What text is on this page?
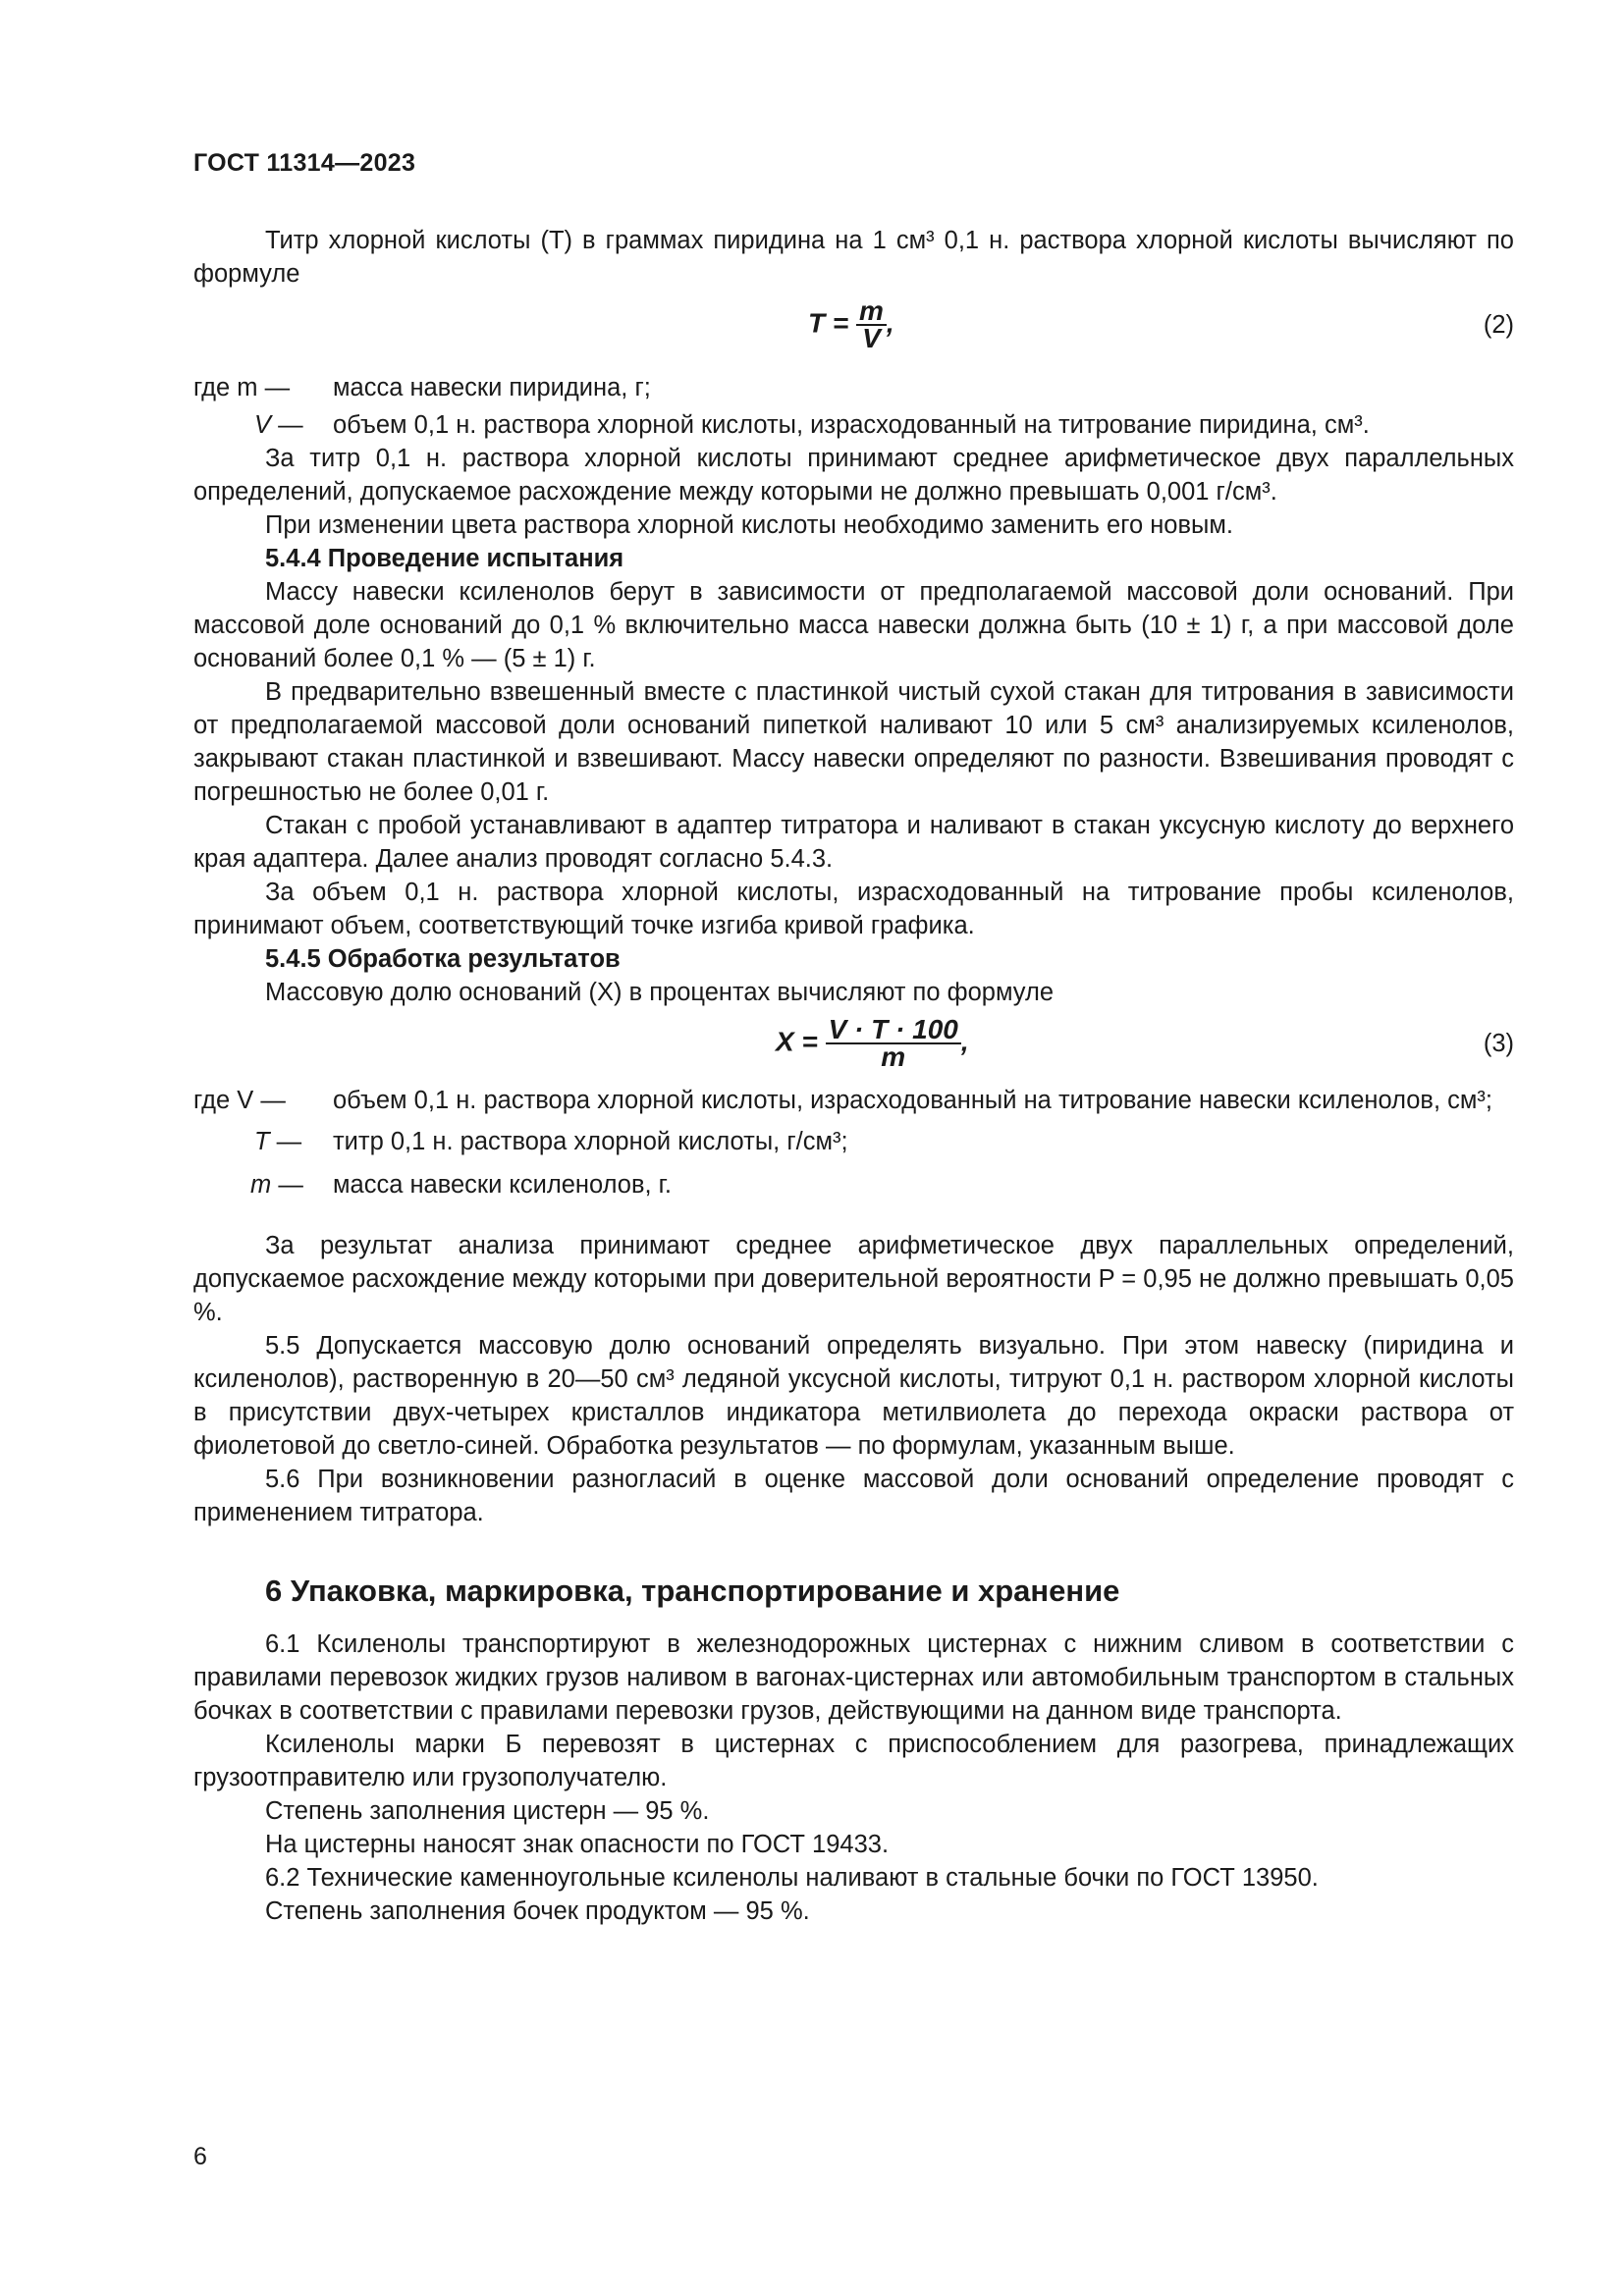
ГОСТ 11314—2023

Титр хлорной кислоты (T) в граммах пиридина на 1 см³ 0,1 н. раствора хлорной кислоты вычисляют по формуле

$T = \frac{m}{V}$ ,	(2)
где m —	масса навески пиридина, г;
V —	объем 0,1 н. раствора хлорной кислоты, израсходованный на титрование пиридина, см³.

За титр 0,1 н. раствора хлорной кислоты принимают среднее арифметическое двух параллельных определений, допускаемое расхождение между которыми не должно превышать 0,001 г/см³.

При изменении цвета раствора хлорной кислоты необходимо заменить его новым.

5.4.4 Проведение испытания

Массу навески ксиленолов берут в зависимости от предполагаемой массовой доли оснований. При массовой доле оснований до 0,1 % включительно масса навески должна быть (10 ± 1) г, а при массовой доле оснований более 0,1 % — (5 ± 1) г.

В предварительно взвешенный вместе с пластинкой чистый сухой стакан для титрования в зависимости от предполагаемой массовой доли оснований пипеткой наливают 10 или 5 см³ анализируемых ксиленолов, закрывают стакан пластинкой и взвешивают. Массу навески определяют по разности. Взвешивания проводят с погрешностью не более 0,01 г.

Стакан с пробой устанавливают в адаптер титратора и наливают в стакан уксусную кислоту до верхнего края адаптера. Далее анализ проводят согласно 5.4.3.

За объем 0,1 н. раствора хлорной кислоты, израсходованный на титрование пробы ксиленолов, принимают объем, соответствующий точке изгиба кривой графика.

5.4.5 Обработка результатов

Массовую долю оснований (X) в процентах вычисляют по формуле

$X = \frac{V \cdot T \cdot 100}{m}$ ,	(3)
где V —	объем 0,1 н. раствора хлорной кислоты, израсходованный на титрование навески ксиленолов, см³;
T —	титр 0,1 н. раствора хлорной кислоты, г/см³;
m —	масса навески ксиленолов, г.

За результат анализа принимают среднее арифметическое двух параллельных определений, допускаемое расхождение между которыми при доверительной вероятности P = 0,95 не должно превышать 0,05 %.

5.5 Допускается массовую долю оснований определять визуально. При этом навеску (пиридина и ксиленолов), растворенную в 20—50 см³ ледяной уксусной кислоты, титруют 0,1 н. раствором хлорной кислоты в присутствии двух-четырех кристаллов индикатора метилвиолета до перехода окраски раствора от фиолетовой до светло-синей. Обработка результатов — по формулам, указанным выше.

5.6 При возникновении разногласий в оценке массовой доли оснований определение проводят с применением титратора.

6 Упаковка, маркировка, транспортирование и хранение

6.1 Ксиленолы транспортируют в железнодорожных цистернах с нижним сливом в соответствии с правилами перевозок жидких грузов наливом в вагонах-цистернах или автомобильным транспортом в стальных бочках в соответствии с правилами перевозки грузов, действующими на данном виде транспорта.

Ксиленолы марки Б перевозят в цистернах с приспособлением для разогрева, принадлежащих грузоотправителю или грузополучателю.

Степень заполнения цистерн — 95 %.

На цистерны наносят знак опасности по ГОСТ 19433.

6.2 Технические каменноугольные ксиленолы наливают в стальные бочки по ГОСТ 13950.

Степень заполнения бочек продуктом — 95 %.

6
